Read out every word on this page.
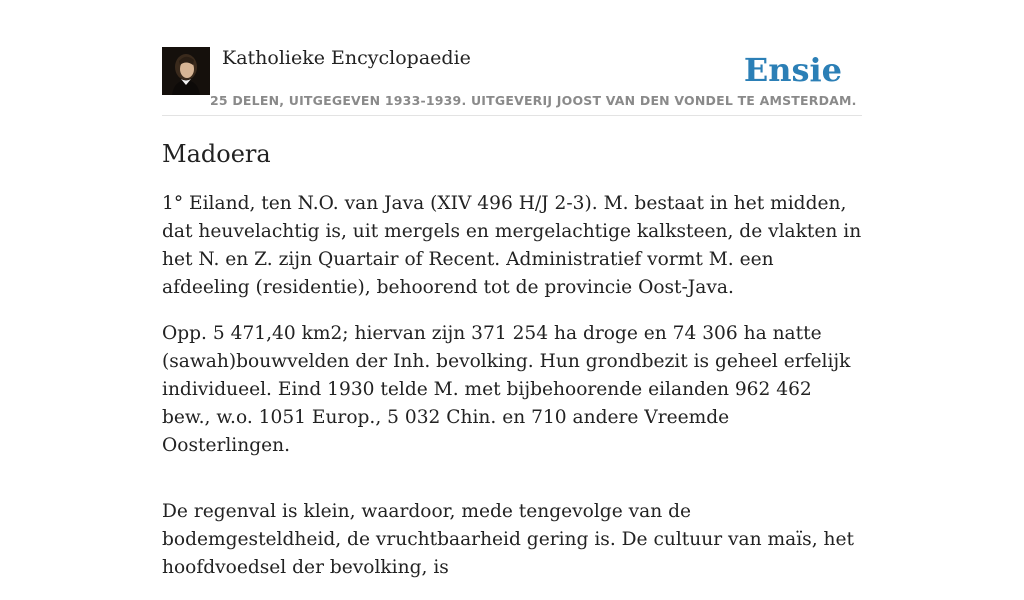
Katholieke Encyclopaedie
25 DELEN, UITGEGEVEN 1933-1939. UITGEVERIJ JOOST VAN DEN VONDEL TE AMSTERDAM.
Ensie
Madoera

1° Eiland, ten N.O. van Java (XIV 496 H/J 2-3). M. bestaat in het midden, dat heuvelachtig is, uit mergels en mergelachtige kalksteen, de vlakten in het N. en Z. zijn Quartair of Recent. Administratief vormt M. een afdeeling (residentie), behoorend tot de provincie Oost-Java.

Opp. 5 471,40 km2; hiervan zijn 371 254 ha droge en 74 306 ha natte (sawah)bouwvelden der Inh. bevolking. Hun grondbezit is geheel erfelijk individueel. Eind 1930 telde M. met bijbehoorende eilanden 962 462 bew., w.o. 1051 Europ., 5 032 Chin. en 710 andere Vreemde Oosterlingen.

De regenval is klein, waardoor, mede tengevolge van de bodemgesteldheid, de vruchtbaarheid gering is. De cultuur van maïs, het hoofdvoedsel der bevolking, is
